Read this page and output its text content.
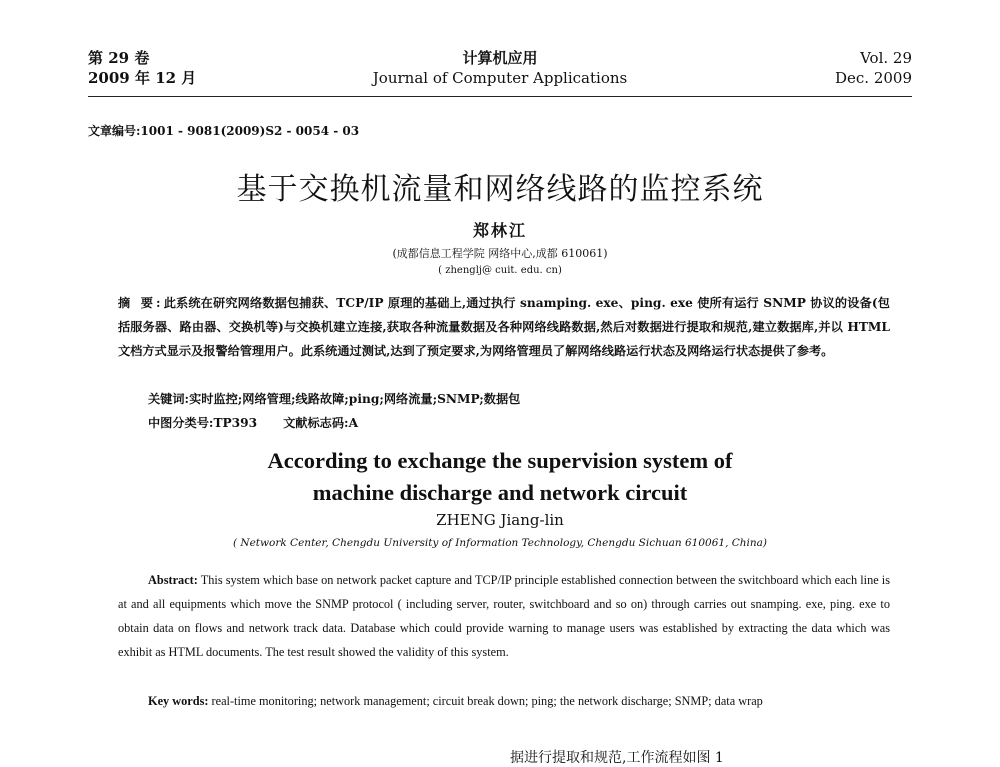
第 29 卷
2009 年 12 月
计算机应用
Journal of Computer Applications
Vol. 29
Dec. 2009
文章编号:1001 - 9081(2009)S2 - 0054 - 03
基于交换机流量和网络线路的监控系统
郑林江
(成都信息工程学院 网络中心,成都 610061)
( zhenglj@ cuit. edu. cn)
摘 要:此系统在研究网络数据包捕获、TCP/IP 原理的基础上,通过执行 snamping. exe、ping. exe 使所有运行 SNMP 协议的设备(包括服务器、路由器、交换机等)与交换机建立连接,获取各种流量数据及各种网络线路数据,然后对数据进行提取和规范,建立数据库,并以 HTML 文档方式显示及报警给管理用户。此系统通过测试,达到了预定要求,为网络管理员了解网络线路运行状态及网络运行状态提供了参考。
关键词:实时监控;网络管理;线路故障;ping;网络流量;SNMP;数据包
中图分类号:TP393 文献标志码:A
According to exchange the supervision system of
machine discharge and network circuit
ZHENG Jiang-lin
( Network Center, Chengdu University of Information Technology, Chengdu Sichuan 610061, China)
Abstract: This system which base on network packet capture and TCP/IP principle established connection between the switchboard which each line is at and all equipments which move the SNMP protocol ( including server, router, switchboard and so on) through carries out snamping. exe, ping. exe to obtain data on flows and network track data. Database which could provide warning to manage users was established by extracting the data which was exhibit as HTML documents. The test result showed the validity of this system.
Key words: real-time monitoring; network management; circuit break down; ping; the network discharge; SNMP; data wrap
据进行提取和规范,工作流程如图 1
